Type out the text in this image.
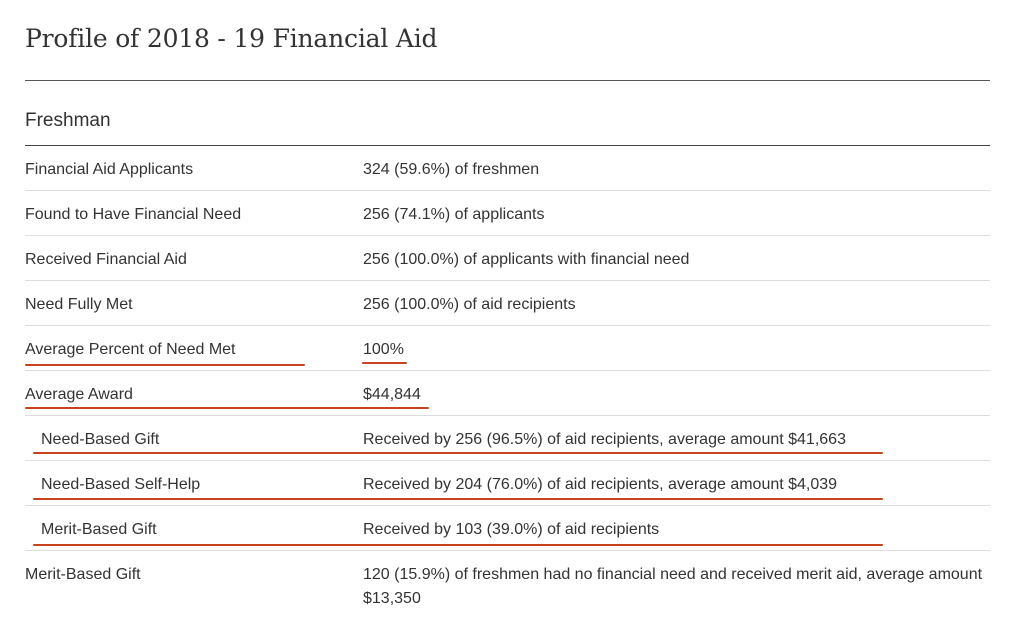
Profile of 2018 - 19 Financial Aid
Freshman
Financial Aid Applicants	324 (59.6%) of freshmen
Found to Have Financial Need	256 (74.1%) of applicants
Received Financial Aid	256 (100.0%) of applicants with financial need
Need Fully Met	256 (100.0%) of aid recipients
Average Percent of Need Met	100%
Average Award	$44,844
Need-Based Gift	Received by 256 (96.5%) of aid recipients, average amount $41,663
Need-Based Self-Help	Received by 204 (76.0%) of aid recipients, average amount $4,039
Merit-Based Gift	Received by 103 (39.0%) of aid recipients
Merit-Based Gift	120 (15.9%) of freshmen had no financial need and received merit aid, average amount $13,350
